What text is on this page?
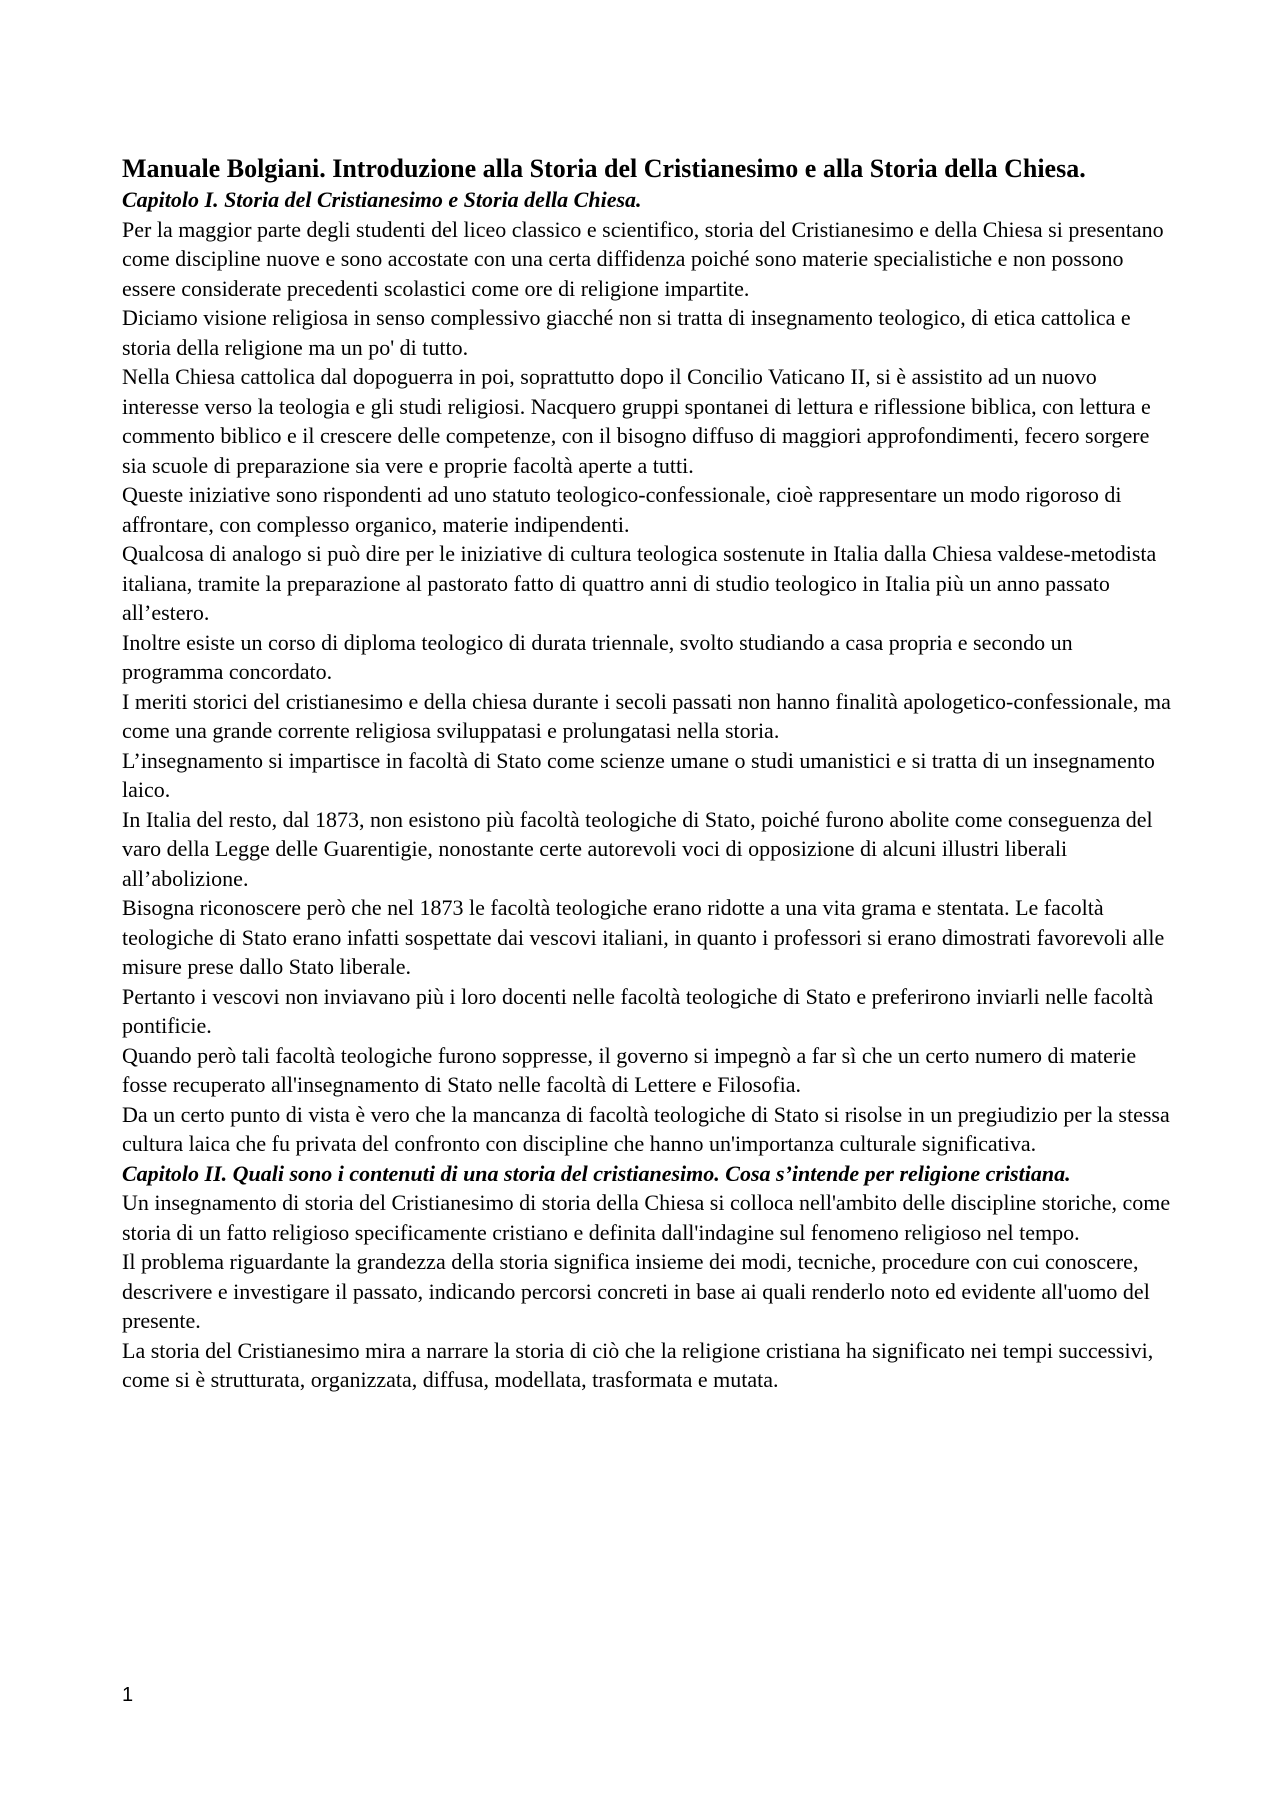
Manuale Bolgiani. Introduzione alla Storia del Cristianesimo e alla Storia della Chiesa.
Capitolo I. Storia del Cristianesimo e Storia della Chiesa.

Per la maggior parte degli studenti del liceo classico e scientifico, storia del Cristianesimo e della Chiesa si presentano come discipline nuove e sono accostate con una certa diffidenza poiché sono materie specialistiche e non possono essere considerate precedenti scolastici come ore di religione impartite.

Diciamo visione religiosa in senso complessivo giacché non si tratta di insegnamento teologico, di etica cattolica e storia della religione ma un po' di tutto.

Nella Chiesa cattolica dal dopoguerra in poi, soprattutto dopo il Concilio Vaticano II, si è assistito ad un nuovo interesse verso la teologia e gli studi religiosi. Nacquero gruppi spontanei di lettura e riflessione biblica, con lettura e commento biblico e il crescere delle competenze, con il bisogno diffuso di maggiori approfondimenti, fecero sorgere sia scuole di preparazione sia vere e proprie facoltà aperte a tutti.

Queste iniziative sono rispondenti ad uno statuto teologico-confessionale, cioè rappresentare un modo rigoroso di affrontare, con complesso organico, materie indipendenti.

Qualcosa di analogo si può dire per le iniziative di cultura teologica sostenute in Italia dalla Chiesa valdese-metodista italiana, tramite la preparazione al pastorato fatto di quattro anni di studio teologico in Italia più un anno passato all’estero.

Inoltre esiste un corso di diploma teologico di durata triennale, svolto studiando a casa propria e secondo un programma concordato.

I meriti storici del cristianesimo e della chiesa durante i secoli passati non hanno finalità apologetico-confessionale, ma come una grande corrente religiosa sviluppatasi e prolungatasi nella storia.

L’insegnamento si impartisce in facoltà di Stato come scienze umane o studi umanistici e si tratta di un insegnamento laico.

In Italia del resto, dal 1873, non esistono più facoltà teologiche di Stato, poiché furono abolite come conseguenza del varo della Legge delle Guarentigie, nonostante certe autorevoli voci di opposizione di alcuni illustri liberali all’abolizione.

Bisogna riconoscere però che nel 1873 le facoltà teologiche erano ridotte a una vita grama e stentata. Le facoltà teologiche di Stato erano infatti sospettate dai vescovi italiani, in quanto i professori si erano dimostrati favorevoli alle misure prese dallo Stato liberale.

Pertanto i vescovi non inviavano più i loro docenti nelle facoltà teologiche di Stato e preferirono inviarli nelle facoltà pontificie.

Quando però tali facoltà teologiche furono soppresse, il governo si impegnò a far sì che un certo numero di materie fosse recuperato all'insegnamento di Stato nelle facoltà di Lettere e Filosofia.

Da un certo punto di vista è vero che la mancanza di facoltà teologiche di Stato si risolse in un pregiudizio per la stessa cultura laica che fu privata del confronto con discipline che hanno un'importanza culturale significativa.

Capitolo II. Quali sono i contenuti di una storia del cristianesimo. Cosa s’intende per religione cristiana.

Un insegnamento di storia del Cristianesimo di storia della Chiesa si colloca nell'ambito delle discipline storiche, come storia di un fatto religioso specificamente cristiano e definita dall'indagine sul fenomeno religioso nel tempo.

Il problema riguardante la grandezza della storia significa insieme dei modi, tecniche, procedure con cui conoscere, descrivere e investigare il passato, indicando percorsi concreti in base ai quali renderlo noto ed evidente all'uomo del presente.

La storia del Cristianesimo mira a narrare la storia di ciò che la religione cristiana ha significato nei tempi successivi, come si è strutturata, organizzata, diffusa, modellata, trasformata e mutata.

1
